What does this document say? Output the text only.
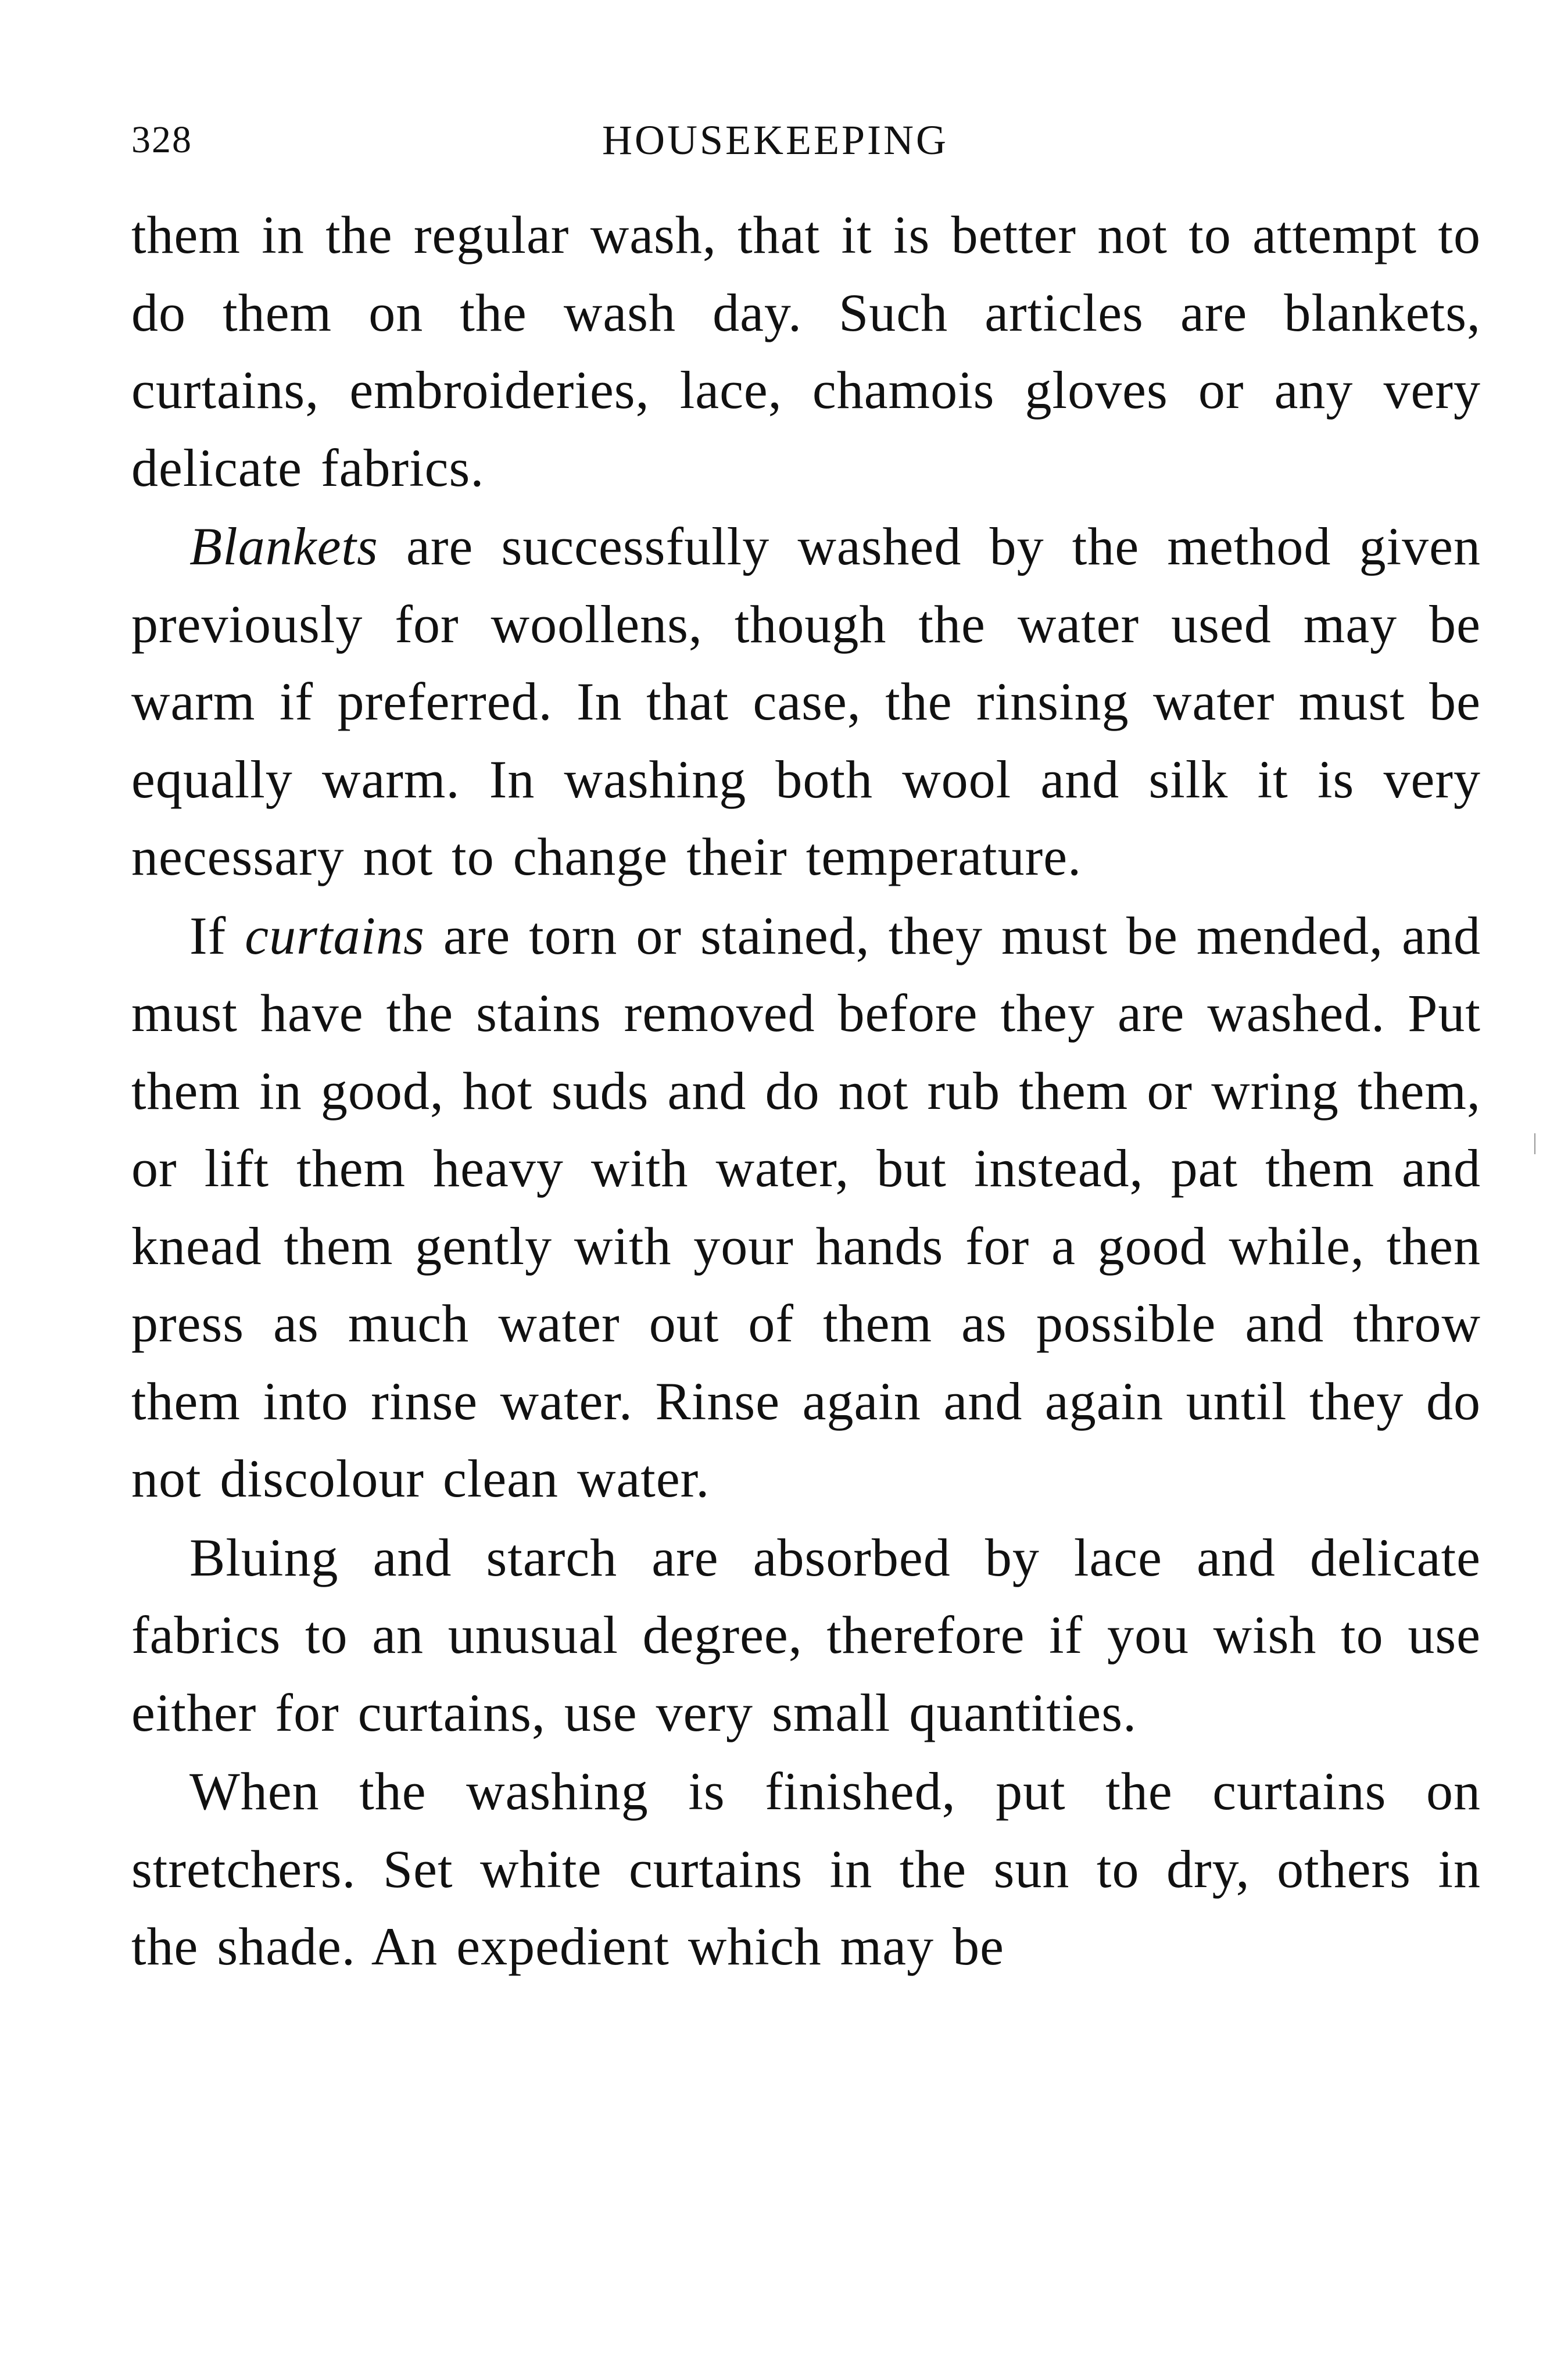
328	HOUSEKEEPING

them in the regular wash, that it is better not to attempt to do them on the wash day. Such articles are blankets, curtains, embroideries, lace, chamois gloves or any very delicate fabrics.

Blankets are successfully washed by the method given previously for woollens, though the water used may be warm if preferred. In that case, the rinsing water must be equally warm. In washing both wool and silk it is very necessary not to change their temperature.

If curtains are torn or stained, they must be mended, and must have the stains removed before they are washed. Put them in good, hot suds and do not rub them or wring them, or lift them heavy with water, but instead, pat them and knead them gently with your hands for a good while, then press as much water out of them as possible and throw them into rinse water. Rinse again and again until they do not discolour clean water.

Bluing and starch are absorbed by lace and delicate fabrics to an unusual degree, therefore if you wish to use either for curtains, use very small quantities.

When the washing is finished, put the curtains on stretchers. Set white curtains in the sun to dry, others in the shade. An expedient which may be
